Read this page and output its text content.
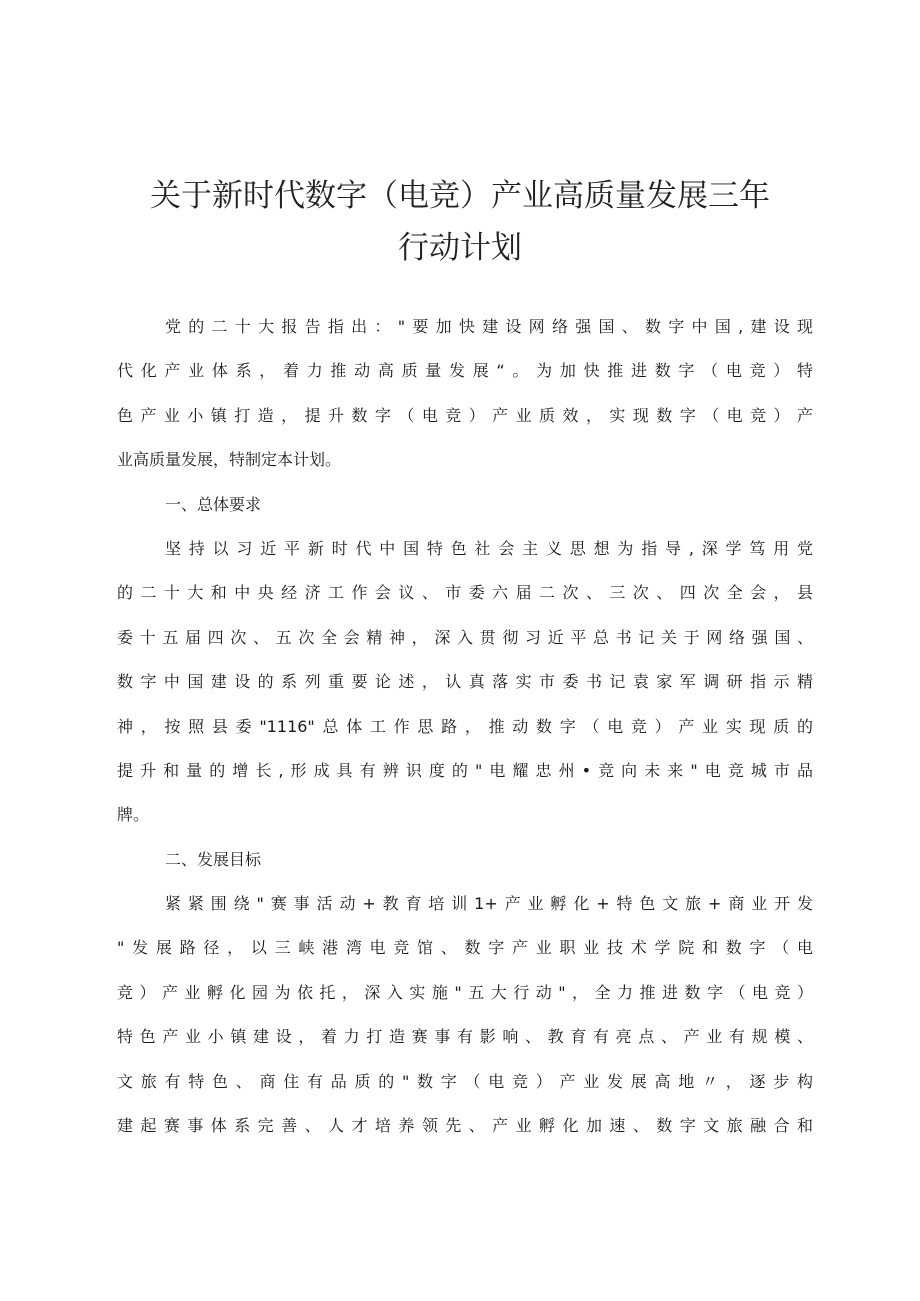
关于新时代数字（电竞）产业高质量发展三年
行动计划
党的二十大报告指出："要加快建设网络强国、数字中国,建设现
代化产业体系，着力推动高质量发展“。为加快推进数字（电竞）特
色产业小镇打造，提升数字（电竞）产业质效，实现数字（电竞）产
业高质量发展，特制定本计划。
一、总体要求
坚持以习近平新时代中国特色社会主义思想为指导,深学笃用党
的二十大和中央经济工作会议、市委六届二次、三次、四次全会，县
委十五届四次、五次全会精神，深入贯彻习近平总书记关于网络强国、
数字中国建设的系列重要论述，认真落实市委书记袁家军调研指示精
神，按照县委"1116"总体工作思路，推动数字（电竞）产业实现质的
提升和量的增长,形成具有辨识度的"电耀忠州•竞向未来"电竞城市品
牌。
二、发展目标
紧紧围绕"赛事活动+教育培训1+产业孵化+特色文旅+商业开发
"发展路径，以三峡港湾电竞馆、数字产业职业技术学院和数字（电
竞）产业孵化园为依托，深入实施"五大行动"，全力推进数字（电竞）
特色产业小镇建设，着力打造赛事有影响、教育有亮点、产业有规模、
文旅有特色、商住有品质的"数字（电竞）产业发展高地〃，逐步构
建起赛事体系完善、人才培养领先、产业孵化加速、数字文旅融合和
